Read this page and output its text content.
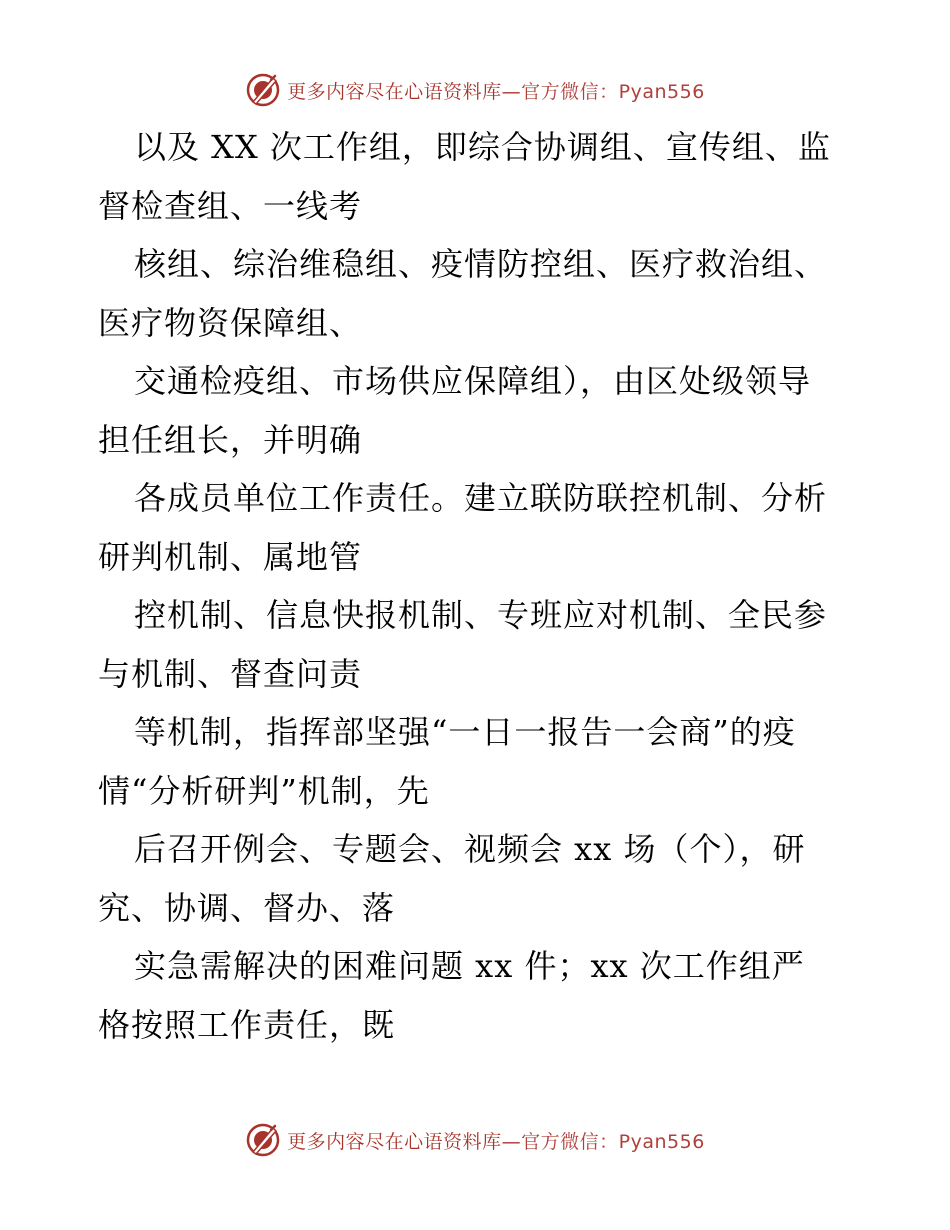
更多内容尽在心语资料库—官方微信：Pyan556
以及 XX 次工作组，即综合协调组、宣传组、监
督检查组、一线考
核组、综治维稳组、疫情防控组、医疗救治组、
医疗物资保障组、
交通检疫组、市场供应保障组），由区处级领导
担任组长，并明确
各成员单位工作责任。建立联防联控机制、分析
研判机制、属地管
控机制、信息快报机制、专班应对机制、全民参
与机制、督查问责
等机制，指挥部坚强“一日一报告一会商”的疫
情“分析研判”机制，先
后召开例会、专题会、视频会 xx 场（个），研
究、协调、督办、落
实急需解决的困难问题 xx 件；xx 次工作组严
格按照工作责任，既
更多内容尽在心语资料库—官方微信：Pyan556
